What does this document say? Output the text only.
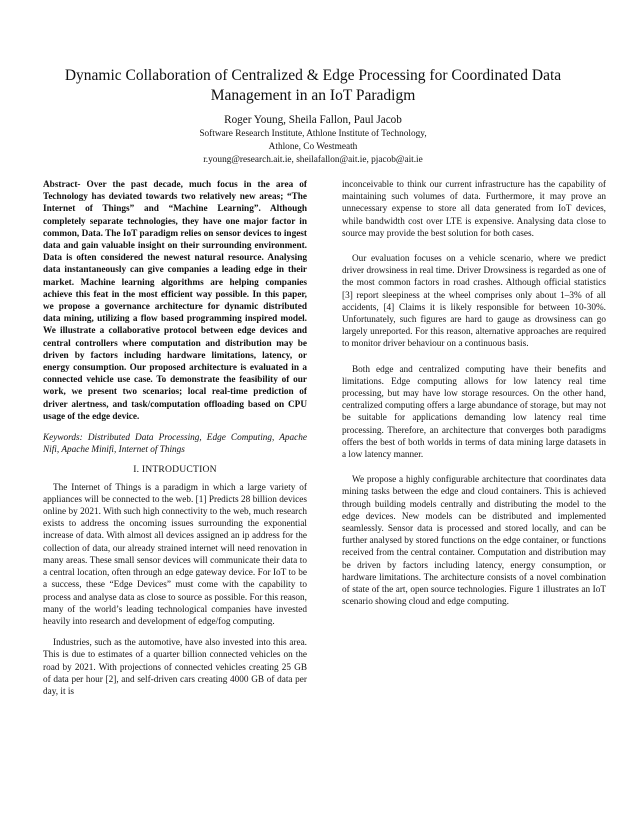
Dynamic Collaboration of Centralized & Edge Processing for Coordinated Data
Management in an IoT Paradigm
Roger Young, Sheila Fallon, Paul Jacob
Software Research Institute, Athlone Institute of Technology,
Athlone, Co Westmeath
r.young@research.ait.ie, sheilafallon@ait.ie, pjacob@ait.ie

Abstract- Over the past decade, much focus in the area of Technology has deviated towards two relatively new areas; “The Internet of Things” and “Machine Learning”. Although completely separate technologies, they have one major factor in common, Data. The IoT paradigm relies on sensor devices to ingest data and gain valuable insight on their surrounding environment. Data is often considered the newest natural resource. Analysing data instantaneously can give companies a leading edge in their market. Machine learning algorithms are helping companies achieve this feat in the most efficient way possible. In this paper, we propose a governance architecture for dynamic distributed data mining, utilizing a flow based programming inspired model. We illustrate a collaborative protocol between edge devices and central controllers where computation and distribution may be driven by factors including hardware limitations, latency, or energy consumption. Our proposed architecture is evaluated in a connected vehicle use case. To demonstrate the feasibility of our work, we present two scenarios; local real-time prediction of driver alertness, and task/computation offloading based on CPU usage of the edge device.

Keywords: Distributed Data Processing, Edge Computing, Apache Nifi, Apache Minifi, Internet of Things

I. INTRODUCTION

The Internet of Things is a paradigm in which a large variety of appliances will be connected to the web. [1] Predicts 28 billion devices online by 2021. With such high connectivity to the web, much research exists to address the oncoming issues surrounding the exponential increase of data. With almost all devices assigned an ip address for the collection of data, our already strained internet will need renovation in many areas. These small sensor devices will communicate their data to a central location, often through an edge gateway device. For IoT to be a success, these “Edge Devices” must come with the capability to process and analyse data as close to source as possible. For this reason, many of the world’s leading technological companies have invested heavily into research and development of edge/fog computing.

Industries, such as the automotive, have also invested into this area. This is due to estimates of a quarter billion connected vehicles on the road by 2021. With projections of connected vehicles creating 25 GB of data per hour [2], and self-driven cars creating 4000 GB of data per day, it is

inconceivable to think our current infrastructure has the capability of maintaining such volumes of data. Furthermore, it may prove an unnecessary expense to store all data generated from IoT devices, while bandwidth cost over LTE is expensive. Analysing data close to source may provide the best solution for both cases.

Our evaluation focuses on a vehicle scenario, where we predict driver drowsiness in real time. Driver Drowsiness is regarded as one of the most common factors in road crashes. Although official statistics [3] report sleepiness at the wheel comprises only about 1–3% of all accidents, [4] Claims it is likely responsible for between 10-30%. Unfortunately, such figures are hard to gauge as drowsiness can go largely unreported. For this reason, alternative approaches are required to monitor driver behaviour on a continuous basis.

Both edge and centralized computing have their benefits and limitations. Edge computing allows for low latency real time processing, but may have low storage resources. On the other hand, centralized computing offers a large abundance of storage, but may not be suitable for applications demanding low latency real time processing. Therefore, an architecture that converges both paradigms offers the best of both worlds in terms of data mining large datasets in a low latency manner.

We propose a highly configurable architecture that coordinates data mining tasks between the edge and cloud containers. This is achieved through building models centrally and distributing the model to the edge devices. New models can be distributed and implemented seamlessly. Sensor data is processed and stored locally, and can be further analysed by stored functions on the edge container, or functions received from the central container. Computation and distribution may be driven by factors including latency, energy consumption, or hardware limitations. The architecture consists of a novel combination of state of the art, open source technologies. Figure 1 illustrates an IoT scenario showing cloud and edge computing.
